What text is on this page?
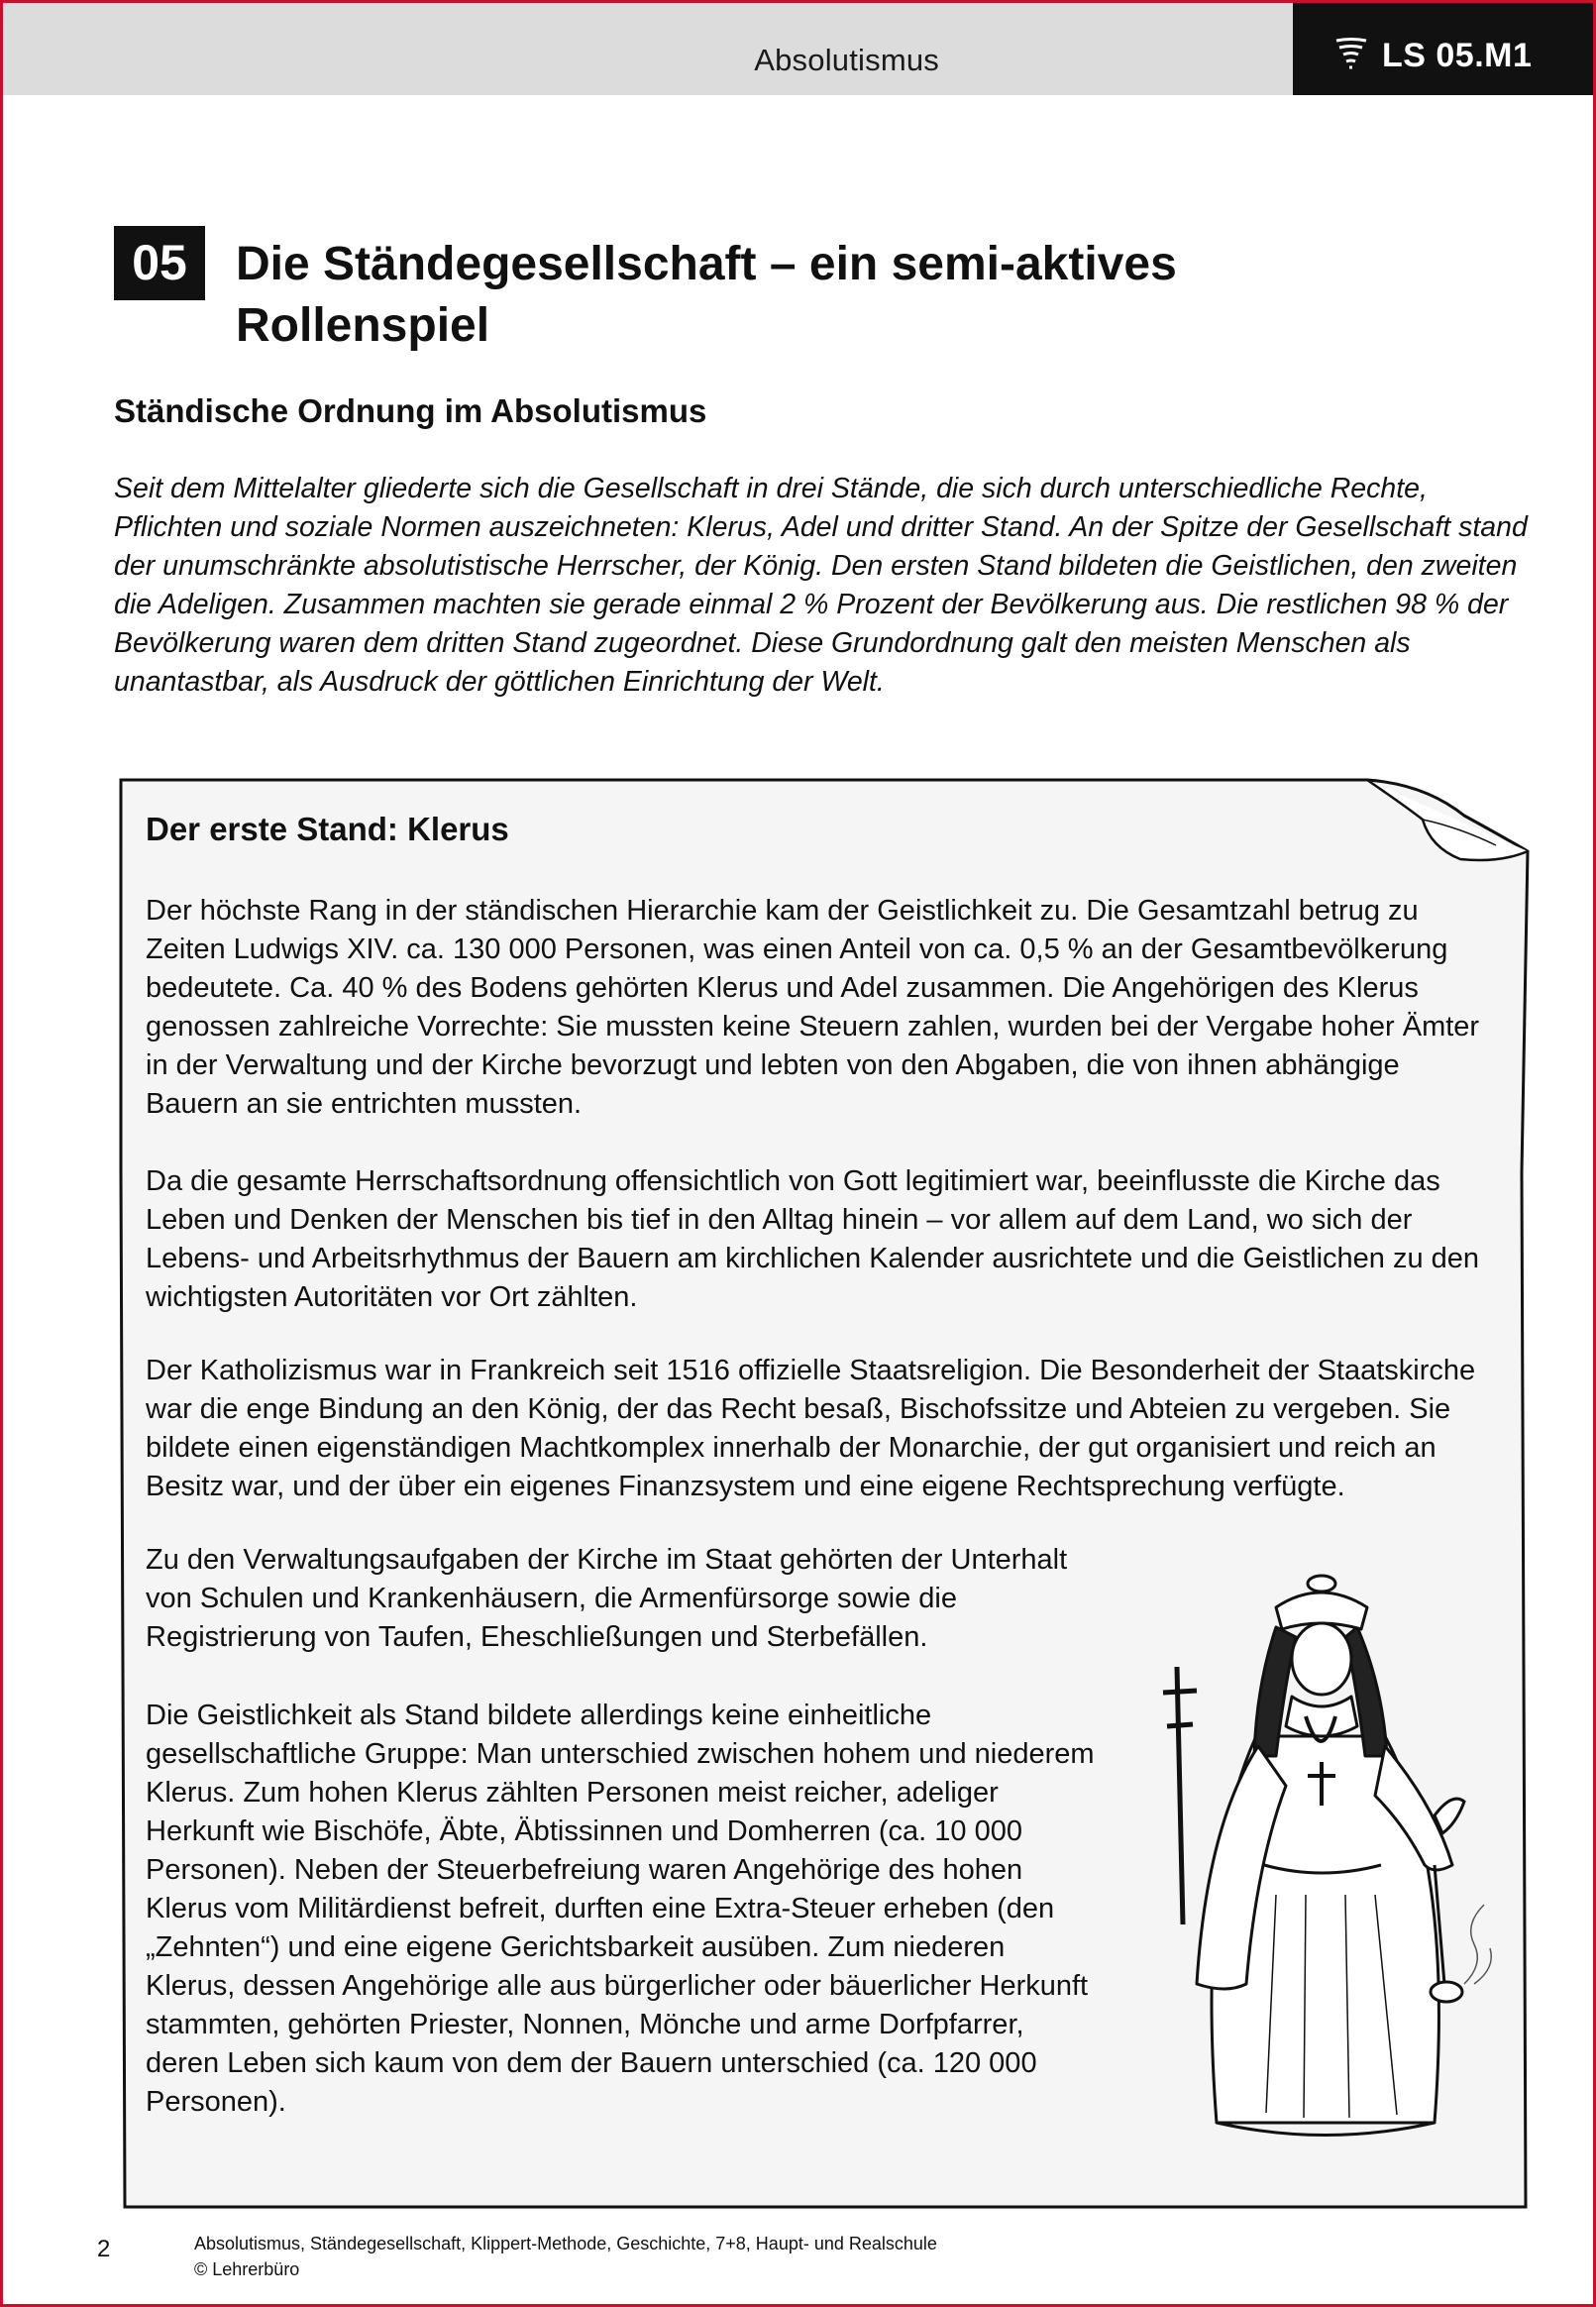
Absolutismus	LS 05.M1
05	Die Ständegesellschaft – ein semi-aktives
Rollenspiel
Ständische Ordnung im Absolutismus

Seit dem Mittelalter gliederte sich die Gesellschaft in drei Stände, die sich durch unterschiedliche Rechte, Pflichten und soziale Normen auszeichneten: Klerus, Adel und dritter Stand. An der Spitze der Gesellschaft stand der unumschränkte absolutistische Herrscher, der König. Den ersten Stand bildeten die Geistlichen, den zweiten die Adeligen. Zusammen machten sie gerade einmal 2 % Prozent der Bevölkerung aus. Die restlichen 98 % der Bevölkerung waren dem dritten Stand zugeordnet. Diese Grundordnung galt den meisten Menschen als unantastbar, als Ausdruck der göttlichen Einrichtung der Welt.

Der erste Stand: Klerus

Der höchste Rang in der ständischen Hierarchie kam der Geistlichkeit zu. Die Gesamtzahl betrug zu Zeiten Ludwigs XIV. ca. 130 000 Personen, was einen Anteil von ca. 0,5 % an der Gesamtbevölkerung bedeutete. Ca. 40 % des Bodens gehörten Klerus und Adel zusammen. Die Angehörigen des Klerus genossen zahlreiche Vorrechte: Sie mussten keine Steuern zahlen, wurden bei der Vergabe hoher Ämter in der Verwaltung und der Kirche bevorzugt und lebten von den Abgaben, die von ihnen abhängige Bauern an sie entrichten mussten.

Da die gesamte Herrschaftsordnung offensichtlich von Gott legitimiert war, beeinflusste die Kirche das Leben und Denken der Menschen bis tief in den Alltag hinein – vor allem auf dem Land, wo sich der Lebens- und Arbeitsrhythmus der Bauern am kirchlichen Kalender ausrichtete und die Geistlichen zu den wichtigsten Autoritäten vor Ort zählten.

Der Katholizismus war in Frankreich seit 1516 offizielle Staatsreligion. Die Besonderheit der Staatskirche war die enge Bindung an den König, der das Recht besaß, Bischofssitze und Abteien zu vergeben. Sie bildete einen eigenständigen Machtkomplex innerhalb der Monarchie, der gut organisiert und reich an Besitz war, und der über ein eigenes Finanzsystem und eine eigene Rechtsprechung verfügte.

Zu den Verwaltungsaufgaben der Kirche im Staat gehörten der Unterhalt von Schulen und Krankenhäusern, die Armenfürsorge sowie die Registrierung von Taufen, Eheschließungen und Sterbefällen.

Die Geistlichkeit als Stand bildete allerdings keine einheitliche gesellschaftliche Gruppe: Man unterschied zwischen hohem und niederem Klerus. Zum hohen Klerus zählten Personen meist reicher, adeliger Herkunft wie Bischöfe, Äbte, Äbtissinnen und Domherren (ca. 10 000 Personen). Neben der Steuerbefreiung waren Angehörige des hohen Klerus vom Militärdienst befreit, durften eine Extra-Steuer erheben (den „Zehnten“) und eine eigene Gerichtsbarkeit ausüben. Zum niederen Klerus, dessen Angehörige alle aus bürgerlicher oder bäuerlicher Herkunft stammten, gehörten Priester, Nonnen, Mönche und arme Dorfpfarrer, deren Leben sich kaum von dem der Bauern unterschied (ca. 120 000 Personen).

2	Absolutismus, Ständegesellschaft, Klippert-Methode, Geschichte, 7+8, Haupt- und Realschule
© Lehrerbüro
